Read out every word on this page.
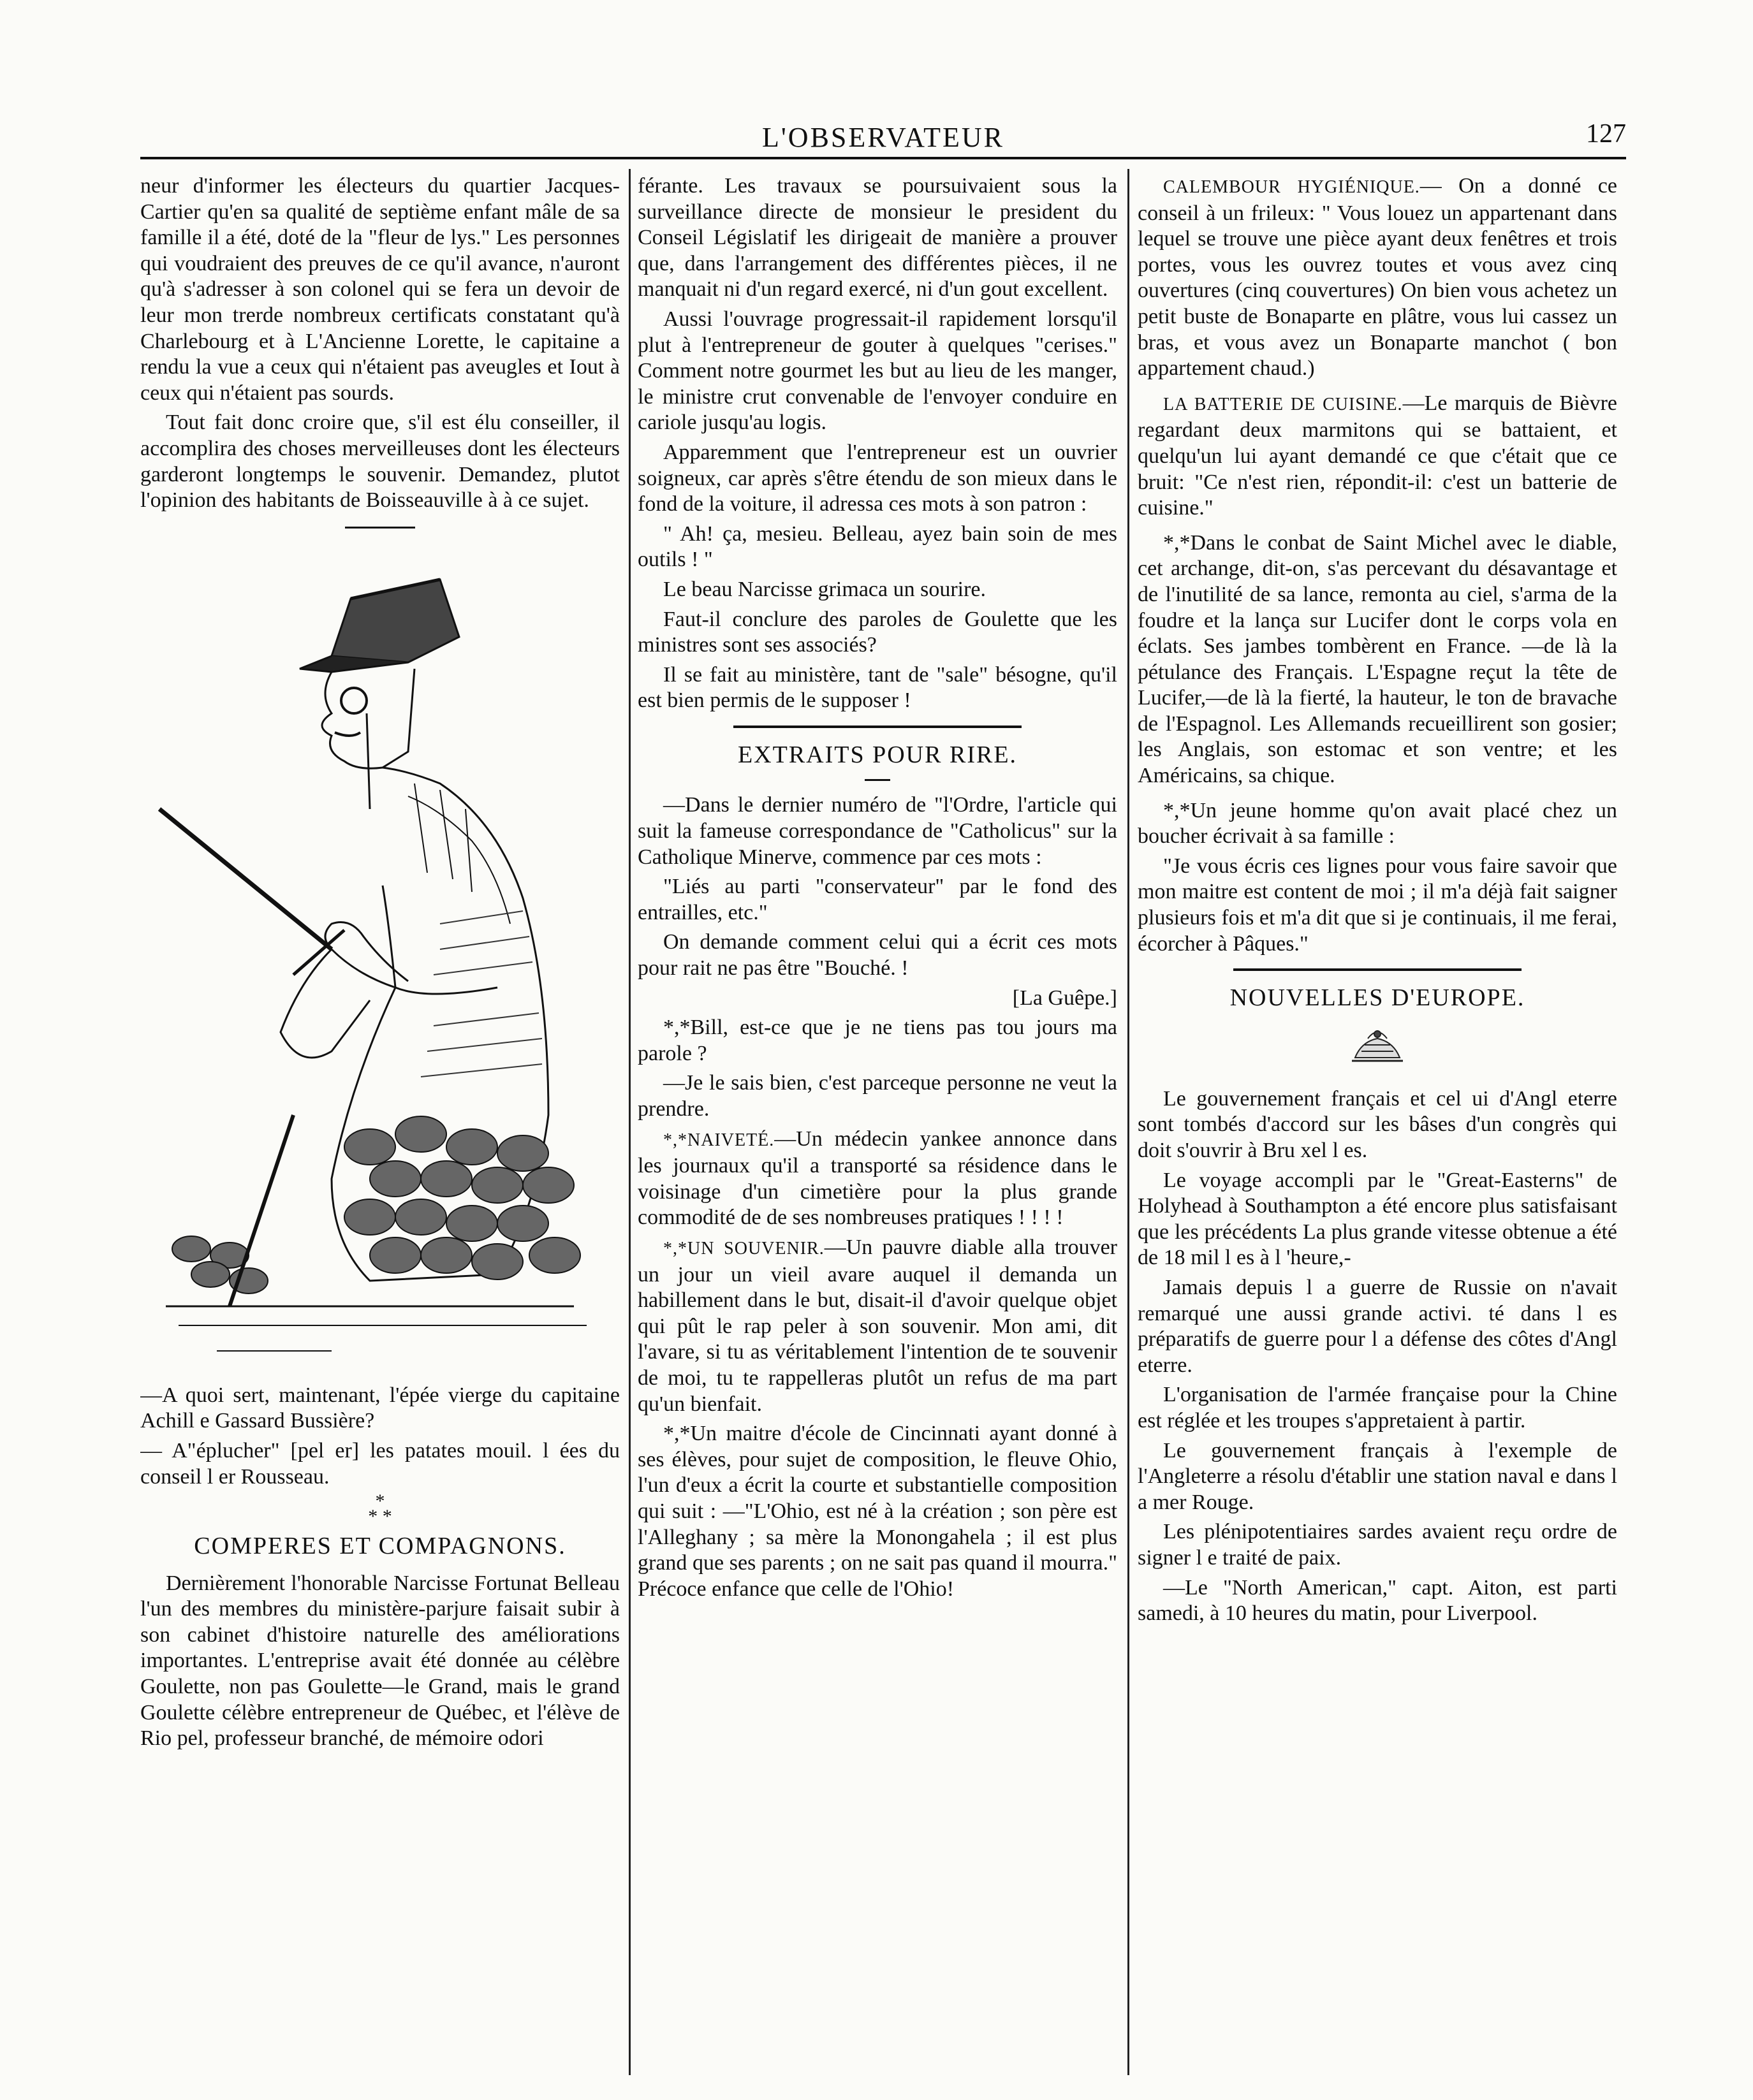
L'OBSERVATEUR	127

neur d'informer les électeurs du quartier Jacques-Cartier qu'en sa qualité de septième enfant mâle de sa famille il a été, doté de la "fleur de lys." Les personnes qui voudraient des preuves de ce qu'il avance, n'auront qu'à s'adresser à son colonel qui se fera un devoir de leur mon trerde nombreux certificats constatant qu'à Charlebourg et à L'Ancienne Lorette, le capitaine a rendu la vue a ceux qui n'étaient pas aveugles et Iout à ceux qui n'étaient pas sourds.

Tout fait donc croire que, s'il est élu conseiller, il accomplira des choses merveilleuses dont les électeurs garderont longtemps le souvenir. Demandez, plutot l'opinion des habitants de Boisseauville à à ce sujet.

—A quoi sert, maintenant, l'épée vierge du capitaine Achill e Gassard Bussière?

— A"éplucher" [pel er] les patates mouil. l ées du conseil l er Rousseau.

*
* *
COMPERES ET COMPAGNONS.

Dernièrement l'honorable Narcisse Fortunat Belleau l'un des membres du ministère-parjure faisait subir à son cabinet d'histoire naturelle des améliorations importantes. L'entreprise avait été donnée au célèbre Goulette, non pas Goulette—le Grand, mais le grand Goulette célèbre entrepreneur de Québec, et l'élève de Rio pel, professeur branché, de mémoire odori

férante. Les travaux se poursuivaient sous la surveillance directe de monsieur le president du Conseil Législatif les dirigeait de manière a prouver que, dans l'arrangement des différentes pièces, il ne manquait ni d'un regard exercé, ni d'un gout excellent.

Aussi l'ouvrage progressait-il rapidement lorsqu'il plut à l'entrepreneur de gouter à quelques "cerises." Comment notre gourmet les but au lieu de les manger, le ministre crut convenable de l'envoyer conduire en cariole jusqu'au logis.

Apparemment que l'entrepreneur est un ouvrier soigneux, car après s'être étendu de son mieux dans le fond de la voiture, il adressa ces mots à son patron :

" Ah! ça, mesieu. Belleau, ayez bain soin de mes outils ! "

Le beau Narcisse grimaca un sourire.

Faut-il conclure des paroles de Goulette que les ministres sont ses associés?

Il se fait au ministère, tant de "sale" bésogne, qu'il est bien permis de le supposer !

EXTRAITS POUR RIRE.

—Dans le dernier numéro de "l'Ordre, l'article qui suit la fameuse correspondance de "Catholicus" sur la Catholique Minerve, commence par ces mots :

"Liés au parti "conservateur" par le fond des entrailles, etc."

On demande comment celui qui a écrit ces mots pour rait ne pas être "Bouché. !

[La Guêpe.]

*,*Bill, est-ce que je ne tiens pas tou jours ma parole ?

—Je le sais bien, c'est parceque personne ne veut la prendre.

*,*NAIVETÉ.—Un médecin yankee annonce dans les journaux qu'il a transporté sa résidence dans le voisinage d'un cimetière pour la plus grande commodité de de ses nombreuses pratiques ! ! ! !

*,*UN SOUVENIR.—Un pauvre diable alla trouver un jour un vieil avare auquel il demanda un habillement dans le but, disait-il d'avoir quelque objet qui pût le rap peler à son souvenir. Mon ami, dit l'avare, si tu as véritablement l'intention de te souvenir de moi, tu te rappelleras plutôt un refus de ma part qu'un bienfait.

*,*Un maitre d'école de Cincinnati ayant donné à ses élèves, pour sujet de composition, le fleuve Ohio, l'un d'eux a écrit la courte et substantielle composition qui suit : —"L'Ohio, est né à la création ; son père est l'Alleghany ; sa mère la Monongahela ; il est plus grand que ses parents ; on ne sait pas quand il mourra." Précoce enfance que celle de l'Ohio!

CALEMBOUR HYGIÉNIQUE.— On a donné ce conseil à un frileux: " Vous louez un appartenant dans lequel se trouve une pièce ayant deux fenêtres et trois portes, vous les ouvrez toutes et vous avez cinq ouvertures (cinq couvertures) On bien vous achetez un petit buste de Bonaparte en plâtre, vous lui cassez un bras, et vous avez un Bonaparte manchot ( bon appartement chaud.)

LA BATTERIE DE CUISINE.—Le marquis de Bièvre regardant deux marmitons qui se battaient, et quelqu'un lui ayant demandé ce que c'était que ce bruit: "Ce n'est rien, répondit-il: c'est un batterie de cuisine."

*,*Dans le conbat de Saint Michel avec le diable, cet archange, dit-on, s'as percevant du désavantage et de l'inutilité de sa lance, remonta au ciel, s'arma de la foudre et la lança sur Lucifer dont le corps vola en éclats. Ses jambes tombèrent en France. —de là la pétulance des Français. L'Espagne reçut la tête de Lucifer,—de là la fierté, la hauteur, le ton de bravache de l'Espagnol. Les Allemands recueillirent son gosier; les Anglais, son estomac et son ventre; et les Américains, sa chique.

*,*Un jeune homme qu'on avait placé chez un boucher écrivait à sa famille :

"Je vous écris ces lignes pour vous faire savoir que mon maitre est content de moi ; il m'a déjà fait saigner plusieurs fois et m'a dit que si je continuais, il me ferai, écorcher à Pâques."

NOUVELLES D'EUROPE.

Le gouvernement français et cel ui d'Angl eterre sont tombés d'accord sur les bâses d'un congrès qui doit s'ouvrir à Bru xel l es.

Le voyage accompli par le "Great-Easterns" de Holyhead à Southampton a été encore plus satisfaisant que les précédents La plus grande vitesse obtenue a été de 18 mil l es à l 'heure,-

Jamais depuis l a guerre de Russie on n'avait remarqué une aussi grande activi. té dans l es préparatifs de guerre pour l a défense des côtes d'Angl eterre.

L'organisation de l'armée française pour la Chine est réglée et les troupes s'appretaient à partir.

Le gouvernement français à l'exemple de l'Angleterre a résolu d'établir une station naval e dans l a mer Rouge.

Les plénipotentiaires sardes avaient reçu ordre de signer l e traité de paix.

—Le "North American," capt. Aiton, est parti samedi, à 10 heures du matin, pour Liverpool.
